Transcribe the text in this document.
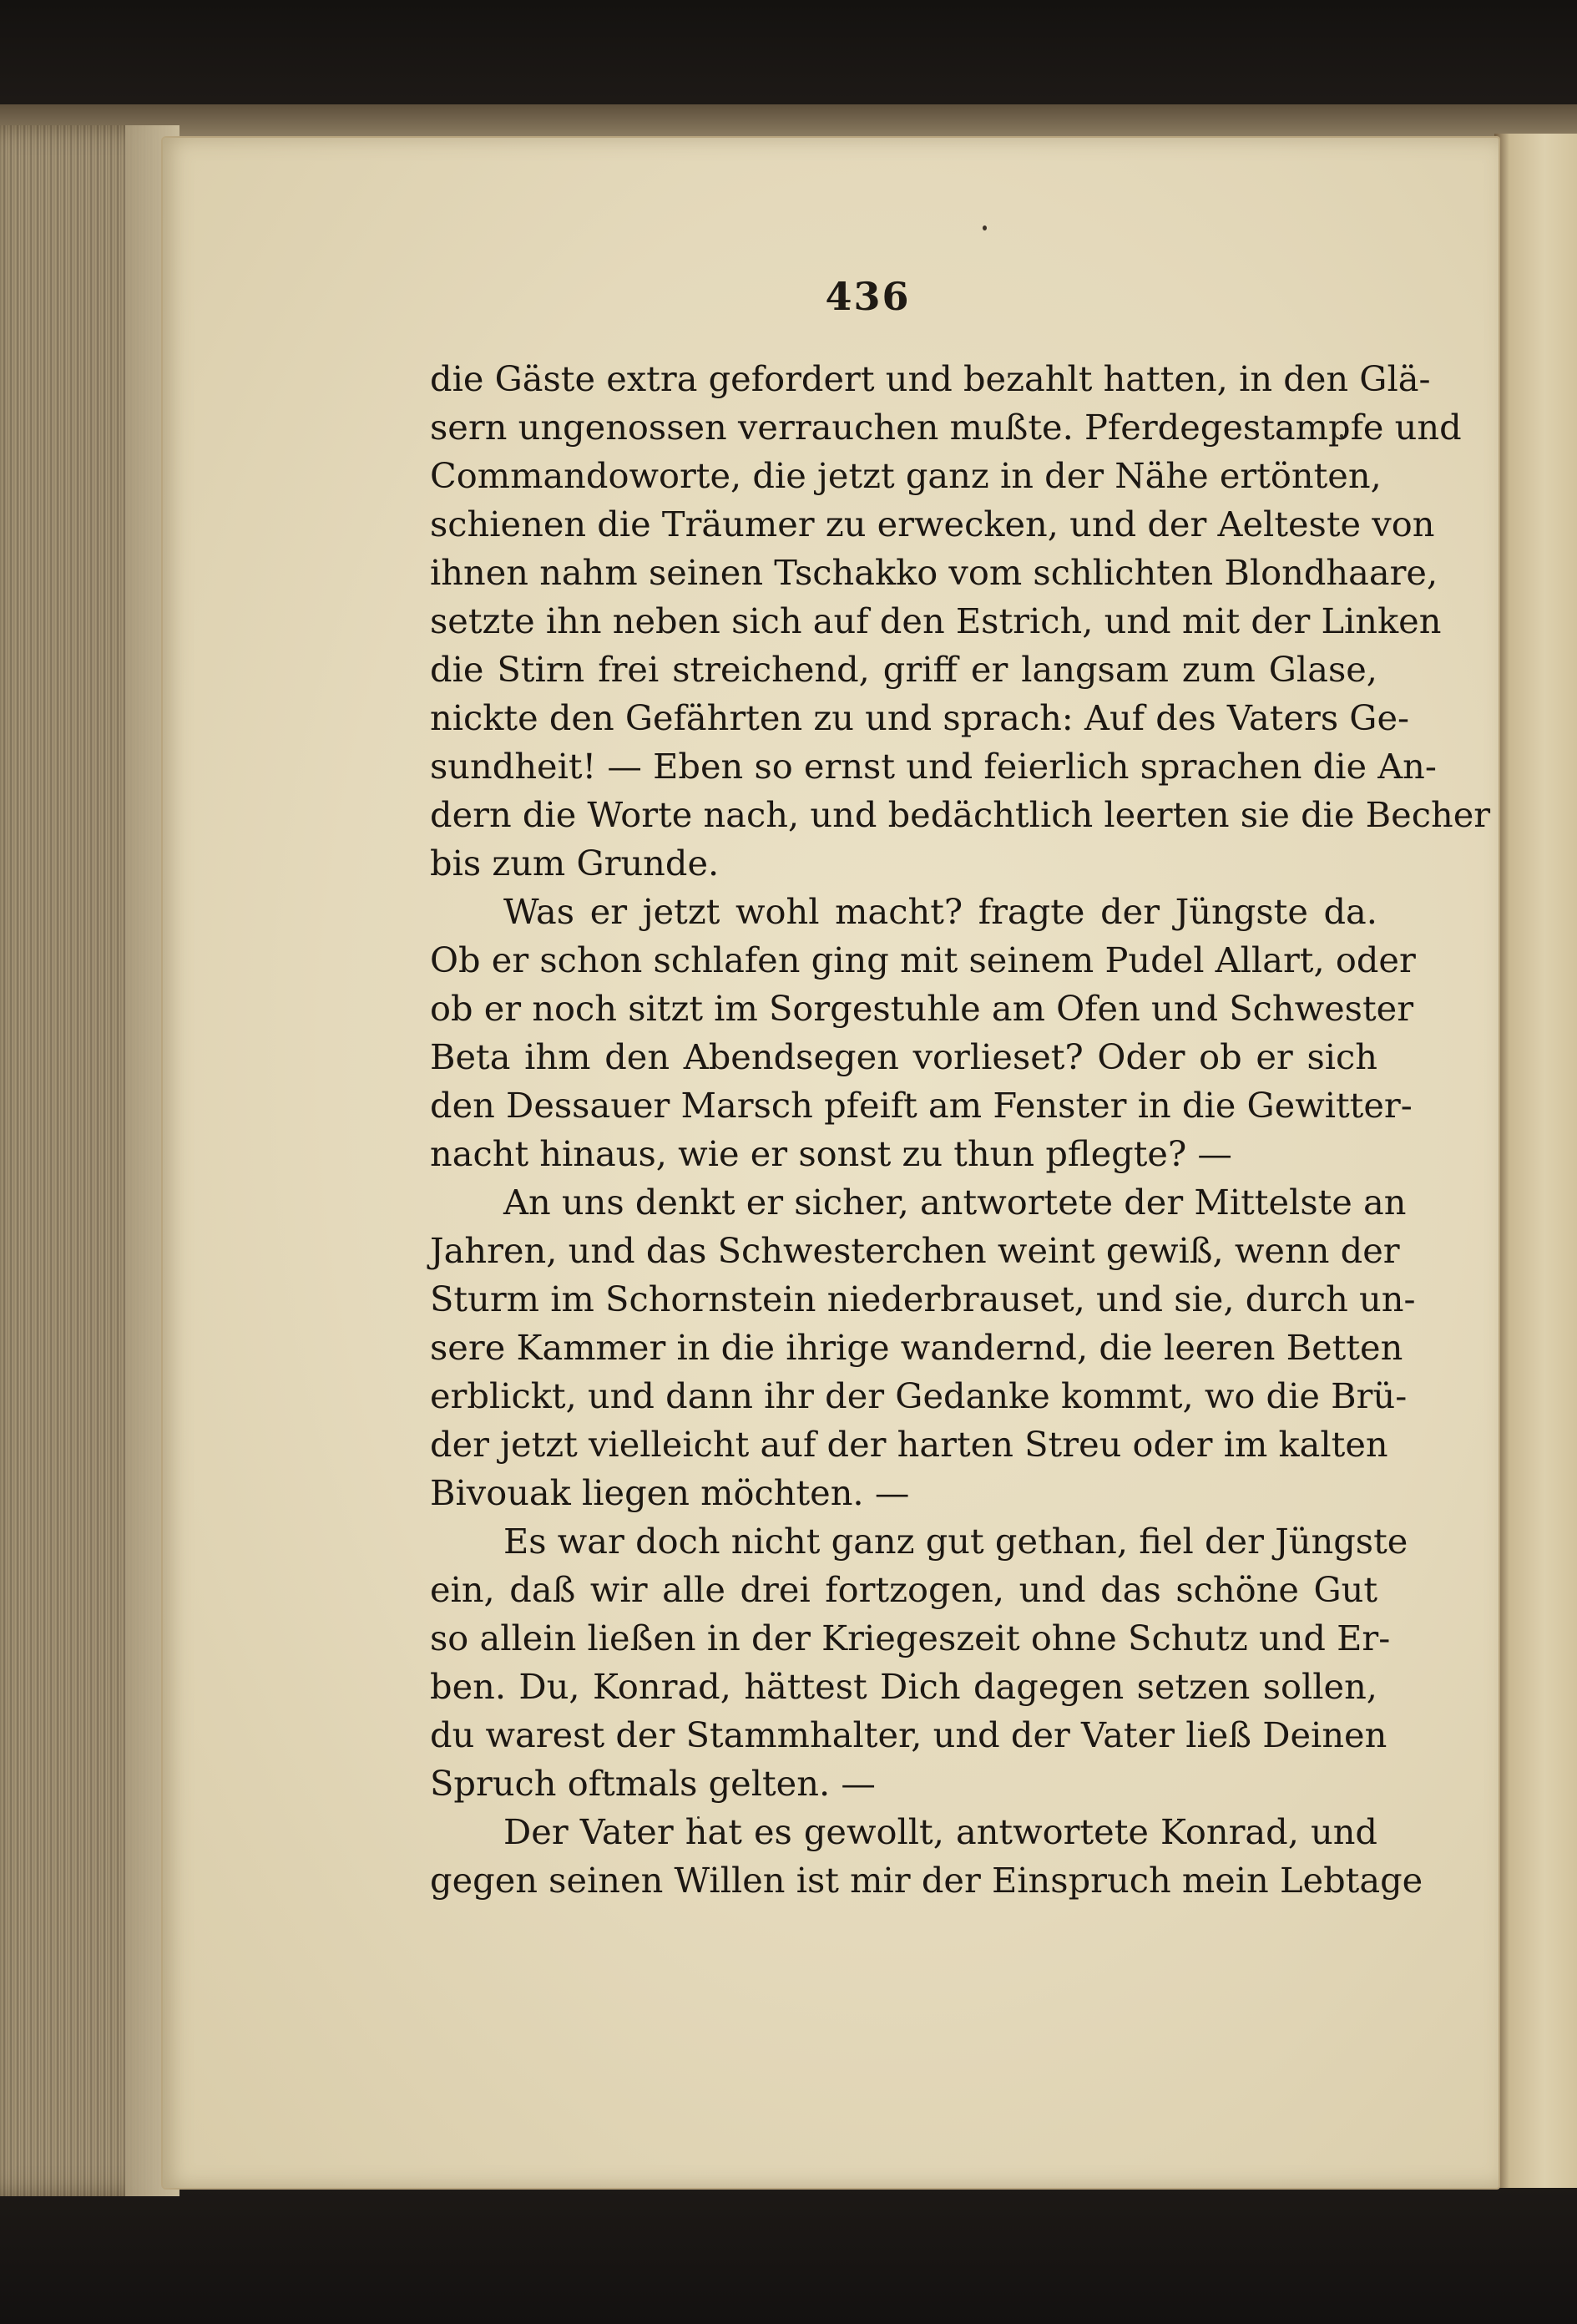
436

die Gäste extra gefordert und bezahlt hatten, in den Glä-
sern ungenossen verrauchen mußte. Pferdegestampfe und
Commandoworte, die jetzt ganz in der Nähe ertönten,
schienen die Träumer zu erwecken, und der Aelteste von
ihnen nahm seinen Tschakko vom schlichten Blondhaare,
setzte ihn neben sich auf den Estrich, und mit der Linken
die Stirn frei streichend, griff er langsam zum Glase,
nickte den Gefährten zu und sprach: Auf des Vaters Ge-
sundheit! — Eben so ernst und feierlich sprachen die An-
dern die Worte nach, und bedächtlich leerten sie die Becher
bis zum Grunde.
Was er jetzt wohl macht? fragte der Jüngste da.
Ob er schon schlafen ging mit seinem Pudel Allart, oder
ob er noch sitzt im Sorgestuhle am Ofen und Schwester
Beta ihm den Abendsegen vorlieset? Oder ob er sich
den Dessauer Marsch pfeift am Fenster in die Gewitter-
nacht hinaus, wie er sonst zu thun pflegte? —
An uns denkt er sicher, antwortete der Mittelste an
Jahren, und das Schwesterchen weint gewiß, wenn der
Sturm im Schornstein niederbrauset, und sie, durch un-
sere Kammer in die ihrige wandernd, die leeren Betten
erblickt, und dann ihr der Gedanke kommt, wo die Brü-
der jetzt vielleicht auf der harten Streu oder im kalten
Bivouak liegen möchten. —
Es war doch nicht ganz gut gethan, fiel der Jüngste
ein, daß wir alle drei fortzogen, und das schöne Gut
so allein ließen in der Kriegeszeit ohne Schutz und Er-
ben. Du, Konrad, hättest Dich dagegen setzen sollen,
du warest der Stammhalter, und der Vater ließ Deinen
Spruch oftmals gelten. —
Der Vater hat es gewollt, antwortete Konrad, und
gegen seinen Willen ist mir der Einspruch mein Lebtage
